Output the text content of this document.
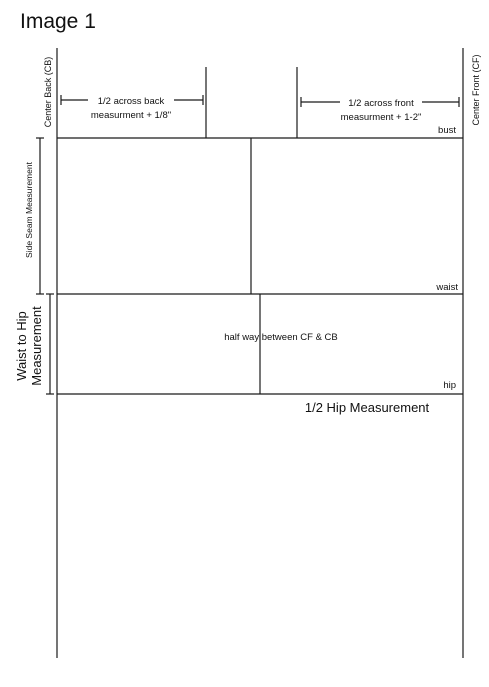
Image 1
1/2 across back
measurment + 1/8"
1/2 across front
measurment + 1-2"
bust
waist
hip
Center Back (CB)	Center Front (CF)
Side Seam Measurement
Waist to Hip Measurement	half way between CF & CB
1/2 Hip Measurement
